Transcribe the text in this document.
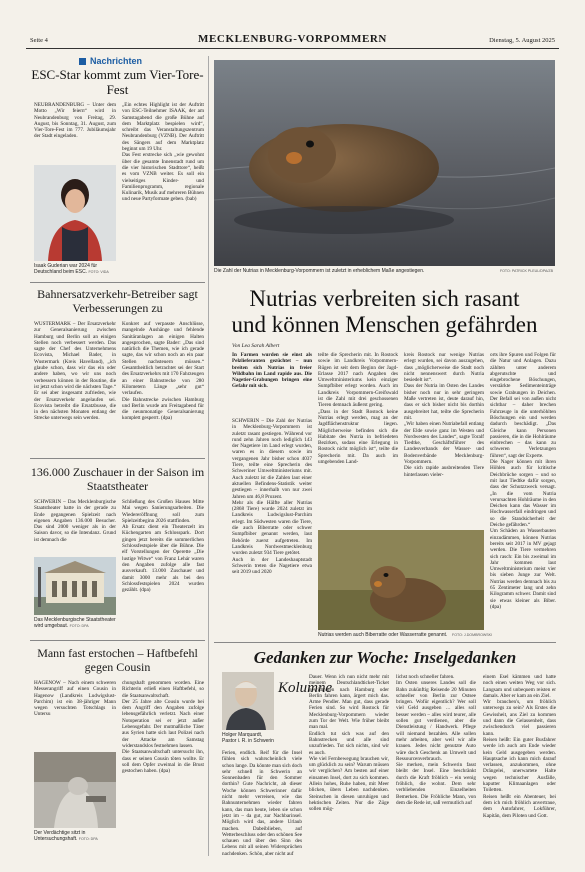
Seite 4	MECKLENBURG-VORPOMMERN	Dienstag, 5. August 2025
Nachrichten
ESC-Star kommt zum Vier-Tore-Fest

NEUBRANDENBURG – Unter dem Motto „Wir feiern“ wird in Neubrandenburg von Freitag, 29. August, bis Sonntag, 31. August, zum Vier-Tore-Fest im 777. Jubiläumsjahr der Stadt eingeladen.

„Ein echtes Highlight ist der Auftritt von ESC-Teilnehmer ISAAK, der am Samstagabend die große Bühne auf dem Marktplatz bespielen wird“, schreibt das Veranstaltungszentrum Neubrandenburg (VZNB). Der Auftritt des Sängers auf dem Marktplatz beginnt um 19 Uhr.
Das Fest erstrecke sich „wie gewohnt über die gesamte Innenstadt rund um die vier historischen Stadttore“, heißt es vom VZNB weiter. Es soll ein vielseitiges Kinder- und Familienprogramm, regionale Kulinarik, Musik auf mehreren Bühnen und neue Partyformate geben. (bab)

Isaak Guderian war 2024 für Deutschland beim ESC. FOTO: VIDA
Bahnersatzverkehr-Betreiber sagt Verbesserungen zu

WUSTERMARK – Der Ersatzverkehr zur Generalsanierung zwischen Hamburg und Berlin soll an einigen Stellen noch verbessert werden. Das sagte der Chef des Unternehmens Ecovista, Michael Bader, in Wustermark (Kreis Havelland), „ich glaube schon, dass wir das ein oder andere haben, wo wir uns noch verbessern können in der Routine, die ist jetzt schon wird die nächsten Tage.“ Er sei aber insgesamt zufrieden, wie der Ersatzverkehr angelaufen sei. Ecovista betreibt die Ersatzbusse, die in den nächsten Monaten entlang der Strecke unterwegs sein werden.

Konkret auf verpasste Anschlüsse, mangelnde Aushänge und fehlende Sanitäranlagen an einigen Halten angesprochen, sagte Bader: „Das sind natürlich die Themen, wie ich gerade sagte, das wir schon noch an ein paar Stellen nachsteuern müssen.“ Gesamtheitlich betrachtet sei der Start des Ersatzverkehrs mit 170 Fahrzeugen an einer Bahnstrecke von 280 Kilometern Länge „sehr gut“ verlaufen.
Die Bahnstrecke zwischen Hamburg und Berlin wurde am Freitagabend für die neunmonatige Generalsanierung komplett gesperrt. (dpa)

136.000 Zuschauer in der Saison im Staatstheater

SCHWERIN – Das Mecklenburgische Staatstheater hatte in der gerade zu Ende gegangenen Spielzeit nach eigenen Angaben 136.000 Besucher. Das sind 2000 weniger als in der Saison davor, so die Intendanz. Grund ist demnach die

Schließung des Großen Hauses Mitte Mai wegen Sanierungsarbeiten. Die Wiedereröffnung soll zum Spielzeitbeginn 2026 stattfinden.
Ab Ersatz dient ein Theaterzelt im Küchengarten am Schlosspark. Dort gingen jetzt bereits die sommerlichen Schlossfestspiele über die Bühne. Die elf Vorstellungen der Operette „Die lustige Witwe“ von Franz Lehár waren den Angaben zufolge alle fast ausverkauft. 13.000 Zuschauer und damit 3000 mehr als bei den Schlossfestspielen 2024 wurden gezählt. (dpa)

Das Mecklenburgische Staatstheater wird umgebaut. FOTO: DPA
Mann fast erstochen – Haftbefehl gegen Cousin

HAGENOW – Nach einem schweren Messerangriff auf einen Cousin in Hagenow (Landkreis Ludwigslust-Parchim) ist ein 38-jähriger Mann wegen versuchten Totschlags in Untersu

chungshaft genommen worden. Eine Richterin erließ einen Haftbefehl, so die Staatsanwaltschaft.
Der 25 Jahre alte Cousin wurde bei dem Angriff den Angaben zufolge lebensgefährlich verletzt. Nach einer Notoperation sei er jetzt außer Lebensgefahr. Der mutmaßliche Täter aus Syrien hatte sich laut Polizei nach der Attacke am Samstag widerstandslos festnehmen lassen.
Die Staatsanwaltschaft untersucht ihn, dass er seinen Cousin töten wollte. Er soll dem Opfer zweimal in die Brust gestochen haben. (dpa)

Der Verdächtige sitzt in Untersuchungshaft. FOTO: DPA
Die Zahl der Nutrias in Mecklenburg-Vorpommern ist zuletzt in erheblichem Maße angestiegen.	FOTO: PATRICK PLEUL/DPA/ZB
Nutrias verbreiten sich rasant
und können Menschen gefährden
Von Lea Sarah Albert

In Farmen wurden sie einst als Pelzlieferanten gezüchtet – nun breiten sich Nutrias in freier Wildbahn im Land rapide aus. Die Nagetier-Grabungen bringen eine Gefahr mit sich.

SCHWERIN – Die Zahl der Nutrias in Mecklenburg-Vorpommern ist zuletzt rasant gestiegen. Während vor rund zehn Jahren noch lediglich 143 der Nagetiere im Land erlegt wurden, waren es in diesem sowie im vergangenen Jahr bisher schon 4037 Tiere, teilte eine Sprecherin des Schweriner Umweltministeriums mit. Auch zuletzt ist die Zahlen laut einer aktuellen Befindens-Statistik weiter gestiegen – innerhalb von nur zwei Jahren um 46,8 Prozent.
Mehr als die Hälfte aller Nutrias (2868 Tiere) wurde 2024 zuletzt im Landkreis Ludwigslust-Parchim erlegt. Im Südwesten waren die Tiere, die auch Biberratte oder schwer Sumpfbiber genannt werden, laut Behörde zuerst aufgetreten. Im Landkreis Nordwestmecklenburg wurden zuletzt 934 Tiere getötet.
Auch in der Landeshauptstadt Schwerin treten die Nagetiere etwa seit 2019 und 2020

teilte die Sprecherin mit. In Rostock sowie im Landkreis Vorpommern-Rügen ist seit dem Beginn der Jagd-Erlasse 2017 nach Angaben des Umweltministeriums kein einziger Sumpfbiber erlegt worden. Auch im Landkreis Vorpommern-Greifswald ist die Zahl mit drei geschossenen Tieren demnach äußerst gering.
„Dass in der Stadt Rostock keine Nutrias erlegt werden, mag an der Jagdflächenstruktur liegen. Möglicherweise befinden sich die Habitate des Nutria in befriedeten Bezirken, sodass eine Erlegung in Rostock nicht möglich ist“, teilte die Sprecherin mit. Da auch im umgebenden Land-

kreis Rostock nur wenige Nutrias erlegt wurden, sei davon auszugehen, dass „möglicherweise die Stadt noch nicht nennenswert durch Nutria besiedelt ist“.
Dass der Nutria im Osten des Landes bisher noch nur in sehr geringem Maße vertreten ist, deute darauf hin, dass er sich bisher nicht bis dorthin ausgebreitet hat, teilte die Sprecherin mit.
„Wir haben einen Nutriabefall entlang der Elde sowie ganz im Westen und Nordwesten des Landes“, sagte Toralf Tiedtke, Geschäftsführer des Landesverbands der Wasser- und Bodenverbände Mecklenburg-Vorpommern.
Die sich rapide ausbreitenden Tiere hinterlassen vieler-

orts ihre Spuren und Folgen für die Natur und Anlagen. Dazu zählten unter anderem abgerutschte und eingebrochene Böschungen, verstärkte Sedimenteinträge sowie Grabungen in Deichen. Der Befall sei von außen nicht sichtbar – daher brechen Fahrzeuge in die unterhöhlten Böschungen ein und werden dadurch beschädigt. „Das Gleiche kann Personen passieren, die in die Hohlräume einbrechen – das kann zu schweren Verletzungen führen“, sagt der Experte.
Die Nager können mit ihren Höhlen auch für kritische Deichbrüche sorgen – und so mit laut Tiedtke dafür sorgen, dass der Schutzzweck versagt. „In die vom Nutria verursachten Hohlräume in den Deichen kann das Wasser im Hochwasserfall eindringen und so die Standsicherheit der Deiche gefährden.“
Um Schäden an Wasserbauten einzudämmen, können Nutrias bereits seit 2017 in MV gejagt werden. Die Tiere vermehren sich rasch: Ein bis zweimal im Jahr kommen laut Umweltministerium meist vier bis sieben Junge zur Welt. Nutrias werden demnach bis zu 65 Zentimeter lang und zehn Kilogramm schwer. Damit sind sie etwas kleiner als Biber. (dpa)

Nutrias werden auch Biberratte oder Wasserratte genannt. FOTO: J.DOMBROWSKI
Gedanken zur Woche: Inselgedanken
Kolumne
Holger Marquardt,
Pastor i. R. in Schwerin

Ferien, endlich. Reif für die Insel fühlen sich wahrscheinlich viele schon lange. Da könnte man sich doch sehr schnell in Schwerin an Sonnenbaden für den Sommer dorthin? Gute Nachricht, ab dieser Woche können Schwerinner dafür nicht mehr verreisen, wie das Bahnunternehmen wieder fahren kann, das man heute, leben sie schon jetzt im – da gut, zur Nachbarinsel. Möglich wird das, andere Urlaub machen. Dabeiblieben, auf Wetterbeschluss oder den schönen See schauen und über den Sinn des Lebens mit all seinen Widersprüchen nachdenken. Schön, aber nicht auf

Dauer. Wenn ich nun nicht mehr mit meinem Deutschlandticket-Ticket gewidmeten nach Hamburg oder Berlin fahren kann, ärgert mich das. Arme Pendler. Man gut, dass gerade Ferien sind. So wird Rostock für Mecklenburg-Vorpommern wieder zum Tor der Welt. Wie früher bleibt man mal.
Endlich tut sich was auf den Bahnstrecken und alle sind unzufrieden. Tut sich nichts, sind wir es auch.
Wie viel Fernbewegung brauchen wir, um glücklich zu sein? Warum müssen wir verglichen? Am besten auf einer einsamen Insel, dort zu sich kommen. Allein hohes, Ruhe haben, mit Meer blicken, übers Leben nachdenken. Steinschen in diesen unruhigen und hektischen Zeiten. Nur die Züge sollen mög-

lichst noch schneller fahren.
Im Osten unseres Landes soll die Bahn zukünftig Reisende 20 Minuten schneller von Berlin zur Ostsee bringen. Wofür eigentlich? Wer soll viel Geld ausgeben … alles soll besser werden – alles wird teurer, alle sollen gut verdienen, aber die Dienstleistung / Handwerk. Pflege will niemand bezahlen. Alle sollen mehr arbeiten, aber weil wir alle krauen. Jedes nicht genutzte Auto wäre doch Geschenk an Umwelt und Ressourcenverbrauch.
Sie merken, mein Schwerin fasst bleibt der Insel. Eine beschränkt durch die Kraft fröhlich – ein wenig fröhlich, die wohnt. Dem sehr verbliebenden Einzelheiten Bemerken. Die Fröhliche Mann, von dem die Rede ist, saß vermutlich auf

einem Esel kämmen und hatte noch einen weiten Weg vor sich. Langsam und unbequem reisten er damals. Aber er kam an ein Ziel.
Wir brauchen's, um fröhlich unterwegs zu sein? Als Erstes die Gewissheit, ans Ziel zu kommen und dann die Gelassenheit, dass zwischendurch viel passieren kann.
Reisen heißt: Ein guter Busfahrer werde ich auch am Ende wieder kein Geld ausgegeben werden. Hauptsache ich kann mich darauf verlassen, anzukommen, ohne Drängelei, unerwartete Halte wegen technischer Ausfälle, kaputter Klimaanlagen oder Toiletten.
Reisen heißt ein Abenteuer, bei dem ich mich fröhlich anvertraue, dem Autofahrer, Lokführer, Kapitän, dem Piloten und Gott.
